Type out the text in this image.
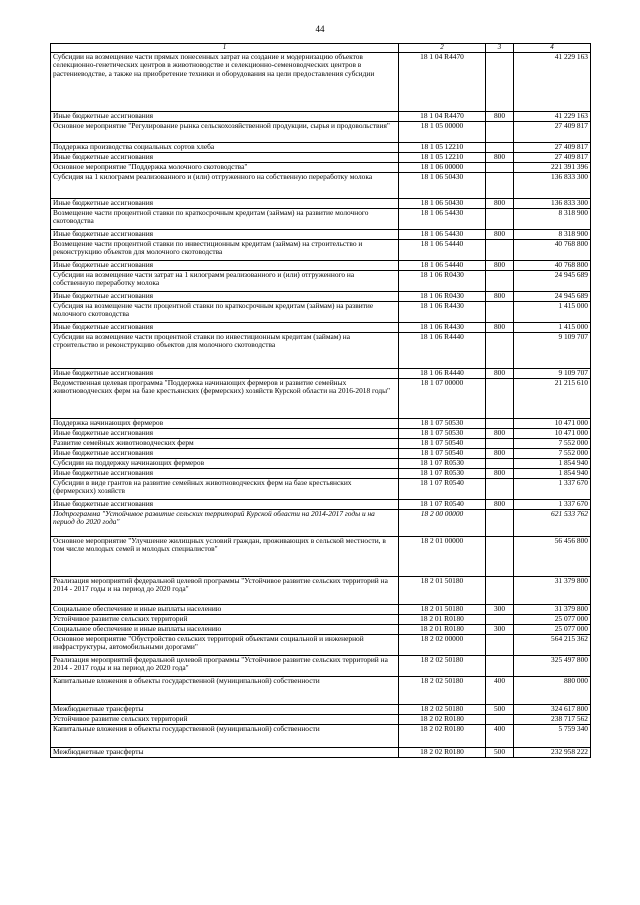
44
1	2	3	4
Субсидии на возмещение части прямых понесенных затрат на создание и модернизацию объектов селекционно-генетических центров в животноводстве и селекционно-семеноводческих центров в растениеводстве, а также на приобретение техники и оборудования на цели предоставления субсидии	18 1 04 R4470		41 229 163
Иные бюджетные ассигнования	18 1 04 R4470	800	41 229 163
Основное мероприятие "Регулирование рынка сельскохозяйственной продукции, сырья и продовольствия"	18 1 05 00000		27 409 817
Поддержка производства социальных сортов хлеба	18 1 05 12210		27 409 817
Иные бюджетные ассигнования	18 1 05 12210	800	27 409 817
Основное мероприятие "Поддержка молочного скотоводства"	18 1 06 00000		221 391 396
Субсидия на 1 килограмм реализованного и (или) отгруженного на собственную переработку молока	18 1 06 50430		136 833 300
Иные бюджетные ассигнования	18 1 06 50430	800	136 833 300
Возмещение части процентной ставки по краткосрочным кредитам (займам) на развитие молочного скотоводства	18 1 06 54430		8 318 900
Иные бюджетные ассигнования	18 1 06 54430	800	8 318 900
Возмещение части процентной ставки по инвестиционным кредитам (займам) на строительство и реконструкцию объектов для молочного скотоводства	18 1 06 54440		40 768 800
Иные бюджетные ассигнования	18 1 06 54440	800	40 768 800
Субсидии на возмещение части затрат на 1 килограмм реализованного и (или) отгруженного на собственную переработку молока	18 1 06 R0430		24 945 689
Иные бюджетные ассигнования	18 1 06 R0430	800	24 945 689
Субсидия на возмещение части процентной ставки по краткосрочным кредитам (займам) на развитие молочного скотоводства	18 1 06 R4430		1 415 000
Иные бюджетные ассигнования	18 1 06 R4430	800	1 415 000
Субсидии на возмещение части процентной ставки по инвестиционным кредитам (займам) на строительство и реконструкцию объектов для молочного скотоводства	18 1 06 R4440		9 109 707
Иные бюджетные ассигнования	18 1 06 R4440	800	9 109 707
Ведомственная целевая программа "Поддержка начинающих фермеров и развитие семейных животноводческих ферм на базе крестьянских (фермерских) хозяйств Курской области на 2016-2018 годы"	18 1 07 00000		21 215 610
Поддержка начинающих фермеров	18 1 07 50530		10 471 000
Иные бюджетные ассигнования	18 1 07 50530	800	10 471 000
Развитие семейных животноводческих ферм	18 1 07 50540		7 552 000
Иные бюджетные ассигнования	18 1 07 50540	800	7 552 000
Субсидии на поддержку начинающих фермеров	18 1 07 R0530		1 854 940
Иные бюджетные ассигнования	18 1 07 R0530	800	1 854 940
Субсидии в виде грантов на развитие семейных животноводческих ферм на базе крестьянских (фермерских) хозяйств	18 1 07 R0540		1 337 670
Иные бюджетные ассигнования	18 1 07 R0540	800	1 337 670
Подпрограмма "Устойчивое развитие сельских территорий Курской области на 2014-2017 годы и на период до 2020 года"	18 2 00 00000		621 533 762
Основное мероприятие "Улучшение жилищных условий граждан, проживающих в сельской местности, в том числе молодых семей и молодых специалистов"	18 2 01 00000		56 456 800
Реализация мероприятий федеральной целевой программы "Устойчивое развитие сельских территорий на 2014 - 2017 годы и на период до 2020 года"	18 2 01 50180		31 379 800
Социальное обеспечение и иные выплаты населению	18 2 01 50180	300	31 379 800
Устойчивое развитие сельских территорий	18 2 01 R0180		25 077 000
Социальное обеспечение и иные выплаты населению	18 2 01 R0180	300	25 077 000
Основное мероприятие "Обустройство сельских территорий объектами социальной и инженерной инфраструктуры, автомобильными дорогами"	18 2 02 00000		564 215 362
Реализация мероприятий федеральной целевой программы "Устойчивое развитие сельских территорий на 2014 - 2017 годы и на период до 2020 года"	18 2 02 50180		325 497 800
Капитальные вложения в объекты государственной (муниципальной) собственности	18 2 02 50180	400	880 000
Межбюджетные трансферты	18 2 02 50180	500	324 617 800
Устойчивое развитие сельских территорий	18 2 02 R0180		238 717 562
Капитальные вложения в объекты государственной (муниципальной) собственности	18 2 02 R0180	400	5 759 340
Межбюджетные трансферты	18 2 02 R0180	500	232 958 222
